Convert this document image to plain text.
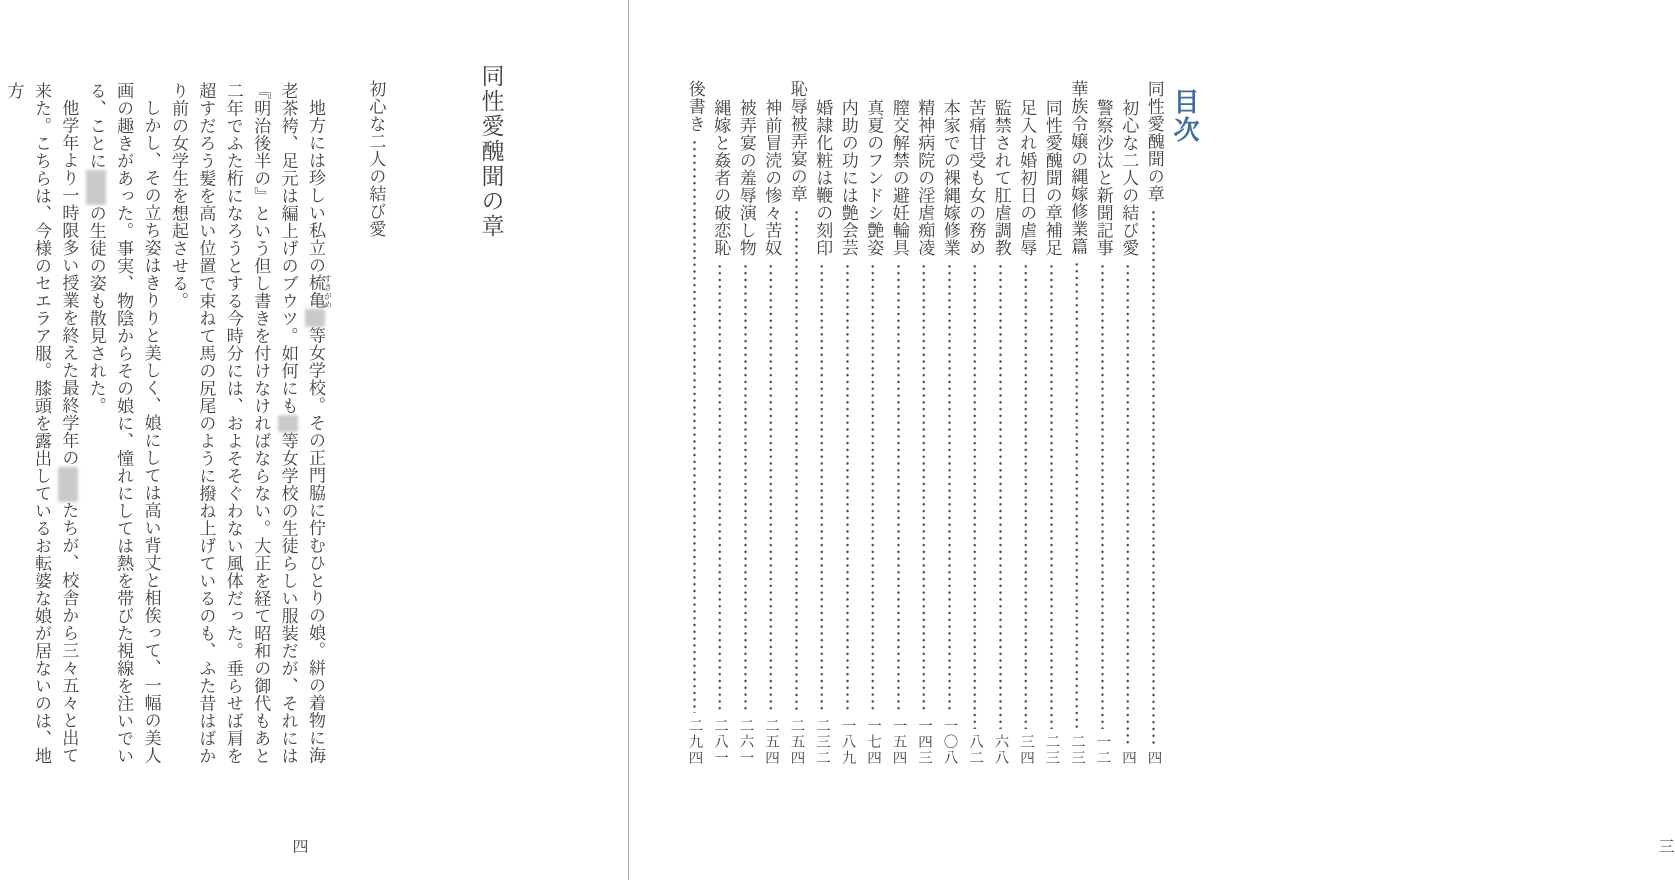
同性愛醜聞の章
初心な二人の結び愛

地方には珍しい私立の梳亀すきがめ　等女学校。その正門脇に佇むひとりの娘。絣の着物に海老茶袴、足元は編上げのブウツ。如何にも　等女学校の生徒らしい服装だが、それには『明治後半の』という但し書きを付けなければならない。大正を経て昭和の御代もあと二年でふた桁になろうとする今時分には、およそそぐわない風体だった。垂らせば肩を超すだろう髪を高い位置で束ねて馬の尻尾のように撥ね上げているのも、ふた昔はばかり前の女学生を想起させる。

しかし、その立ち姿はきりりと美しく、娘にしては高い背丈と相俟って、一幅の美人画の趣きがあった。事実、物陰からその娘に、憧れにしては熱を帯びた視線を注いでいる、ことに　　の生徒の姿も散見された。

他学年より一時限多い授業を終えた最終学年の　　たちが、校舎から三々五々と出て来た。こちらは、今様のセエラア服。膝頭を露出しているお転婆な娘が居ないのは、地方

四
目次
同性愛醜聞の章
四
初心な二人の結び愛
四
警察沙汰と新聞記事
一二
華族令嬢の縄嫁修業篇
二三
同性愛醜聞の章補足
二三
足入れ婚初日の虐辱
三四
監禁されて肛虐調教
六八
苦痛甘受も女の務め
八二
本家での裸縄嫁修業
一〇八
精神病院の淫虐痴凌
一四三
膣交解禁の避妊輪具
一五四
真夏のフンドシ艶姿
一七四
内助の功には艶会芸
一八九
婚隷化粧は鞭の刻印
二三二
恥辱被弄宴の章
二五四
神前冒涜の惨々苦奴
二五四
被弄宴の羞辱演し物
二六一
縄嫁と姦者の破恋恥
二八一
後書き
二九四
三
